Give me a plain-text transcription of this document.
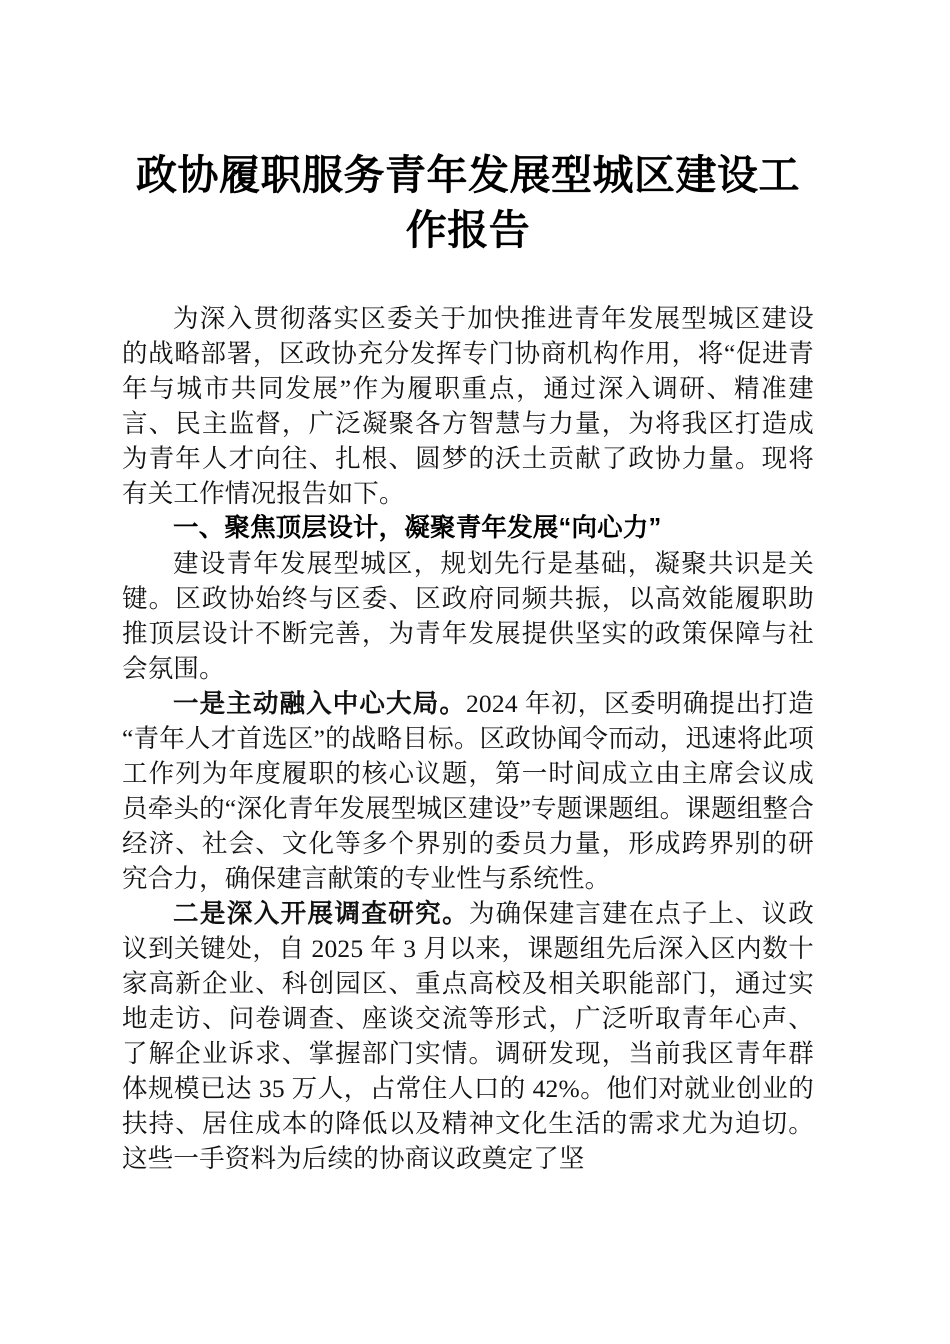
政协履职服务青年发展型城区建设工作报告

为深入贯彻落实区委关于加快推进青年发展型城区建设的战略部署，区政协充分发挥专门协商机构作用，将“促进青年与城市共同发展”作为履职重点，通过深入调研、精准建言、民主监督，广泛凝聚各方智慧与力量，为将我区打造成为青年人才向往、扎根、圆梦的沃土贡献了政协力量。现将有关工作情况报告如下。

一、聚焦顶层设计，凝聚青年发展“向心力”

建设青年发展型城区，规划先行是基础，凝聚共识是关键。区政协始终与区委、区政府同频共振，以高效能履职助推顶层设计不断完善，为青年发展提供坚实的政策保障与社会氛围。

一是主动融入中心大局。2024 年初，区委明确提出打造“青年人才首选区”的战略目标。区政协闻令而动，迅速将此项工作列为年度履职的核心议题，第一时间成立由主席会议成员牵头的“深化青年发展型城区建设”专题课题组。课题组整合经济、社会、文化等多个界别的委员力量，形成跨界别的研究合力，确保建言献策的专业性与系统性。

二是深入开展调查研究。为确保建言建在点子上、议政议到关键处，自 2025 年 3 月以来，课题组先后深入区内数十家高新企业、科创园区、重点高校及相关职能部门，通过实地走访、问卷调查、座谈交流等形式，广泛听取青年心声、了解企业诉求、掌握部门实情。调研发现，当前我区青年群体规模已达 35 万人，占常住人口的 42%。他们对就业创业的扶持、居住成本的降低以及精神文化生活的需求尤为迫切。这些一手资料为后续的协商议政奠定了坚
